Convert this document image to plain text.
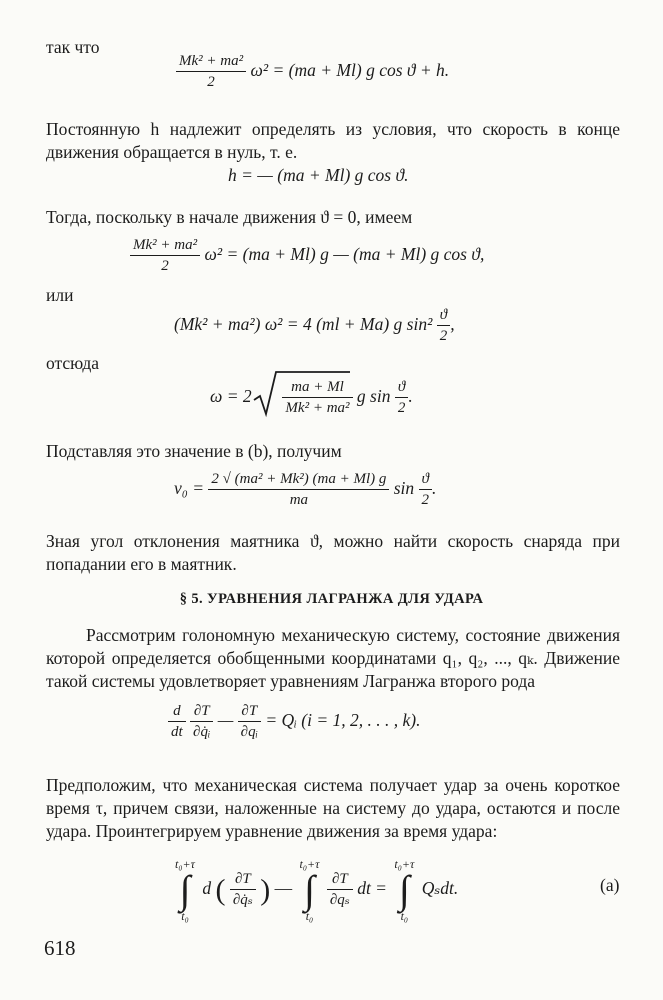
так что
$\frac{\text{Mk² + ma²}}{2} \omega^2 = (ma + Ml)$ g cos ϑ + h.
Постоянную h надлежит определять из условия, что скорость в конце движения обращается в нуль, т. е.
h = — (ma + Ml) g cos ϑ.
Тогда, поскольку в начале движения ϑ = 0, имеем
$\frac{\text{Mk² + ma²}}{2} \omega^2 = (ma + Ml)$ g — (ma + Ml) g cos ϑ,
или
(Mk² + ma²) ω² = 4 (ml + Ma) g $\sin^2 \frac{ϑ}{2}$ ,
отсюда
ω = 2
$\frac{ma + Ml}{\text{Mk² + ma²}}$ g $\sin \frac{ϑ}{2}$ .
Подставляя это значение в (b), получим
$v_0 = \frac{\text{2 √ (ma² + Mk²) (ma + Ml) g}}{ma}$ $\sin \frac{ϑ}{2}$ .
Зная угол отклонения маятника ϑ, можно найти скорость снаряда при попадании его в маятник.
§ 5. УРАВНЕНИЯ ЛАГРАНЖА ДЛЯ УДАРА
Рассмотрим голономную механическую систему, состояние движения которой определяется обобщенными координатами q₁, q₂, ..., qₖ. Движение такой системы удовлетворяет уравнениям Лагранжа второго рода
$\frac{d}{dt}$
$\frac{\partial T}{\text{∂q̇ᵢ}}$ — $\frac{\partial T}{\text{∂qᵢ}}$ = Qᵢ (i = 1, 2, . . . , k).
Предположим, что механическая система получает удар за очень короткое время τ, причем связи, наложенные на систему до удара, остаются и после удара. Проинтегрируем уравнение движения за время удара:
t₀+τ
∫
t₀
d ( $\frac{\partial T}{\text{∂q̇ₛ}}$ ) —
t₀+τ
∫
t₀

$\frac{\partial T}{\text{∂qₛ}}$ dt =
t₀+τ
∫
t₀
Qₛdt.	(a)
618
